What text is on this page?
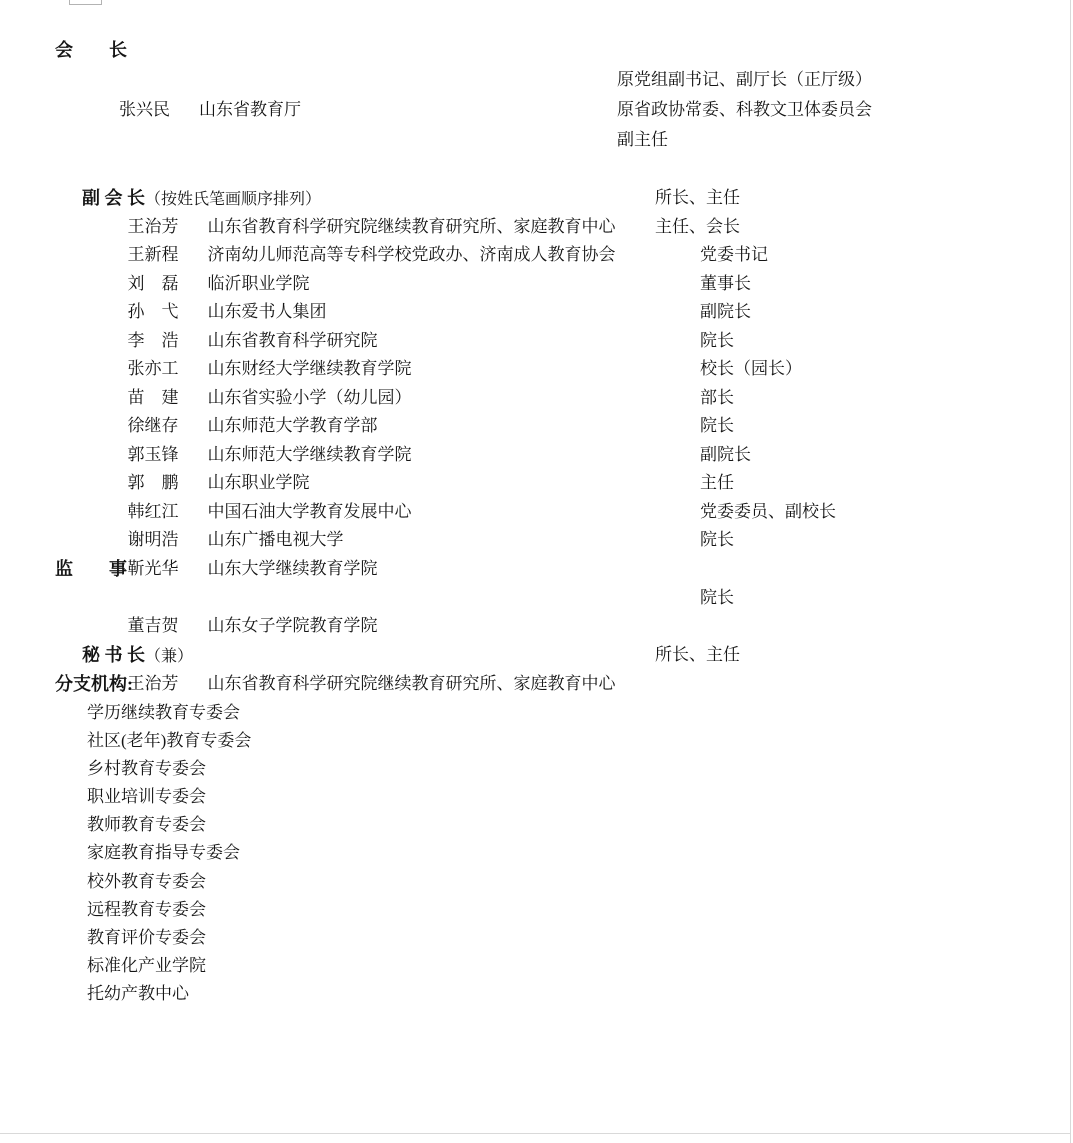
会　　长

张兴民 山东省教育厅

原党组副书记、副厅长（正厅级）
原省政协常委、科教文卫体委员会
副主任

副 会 长（按姓氏笔画顺序排列）

王治芳 山东省教育科学研究院继续教育研究所、家庭教育中心

所长、主任

王新程 济南幼儿师范高等专科学校党政办、济南成人教育协会

主任、会长

刘　磊 临沂职业学院

党委书记

孙　弋 山东爱书人集团

董事长

李　浩 山东省教育科学研究院

副院长

张亦工 山东财经大学继续教育学院

院长

苗　建 山东省实验小学（幼儿园）

校长（园长）

徐继存 山东师范大学教育学部

部长

郭玉锋 山东师范大学继续教育学院

院长

郭　鹏 山东职业学院

副院长

韩红江 中国石油大学教育发展中心

主任

谢明浩 山东广播电视大学

党委委员、副校长

靳光华 山东大学继续教育学院

院长

监　　事

董吉贺 山东女子学院教育学院

院长

秘 书 长（兼）

王治芳 山东省教育科学研究院继续教育研究所、家庭教育中心

所长、主任

分支机构:
学历继续教育专委会
社区(老年)教育专委会
乡村教育专委会
职业培训专委会
教师教育专委会
家庭教育指导专委会
校外教育专委会
远程教育专委会
教育评价专委会
标准化产业学院
托幼产教中心
